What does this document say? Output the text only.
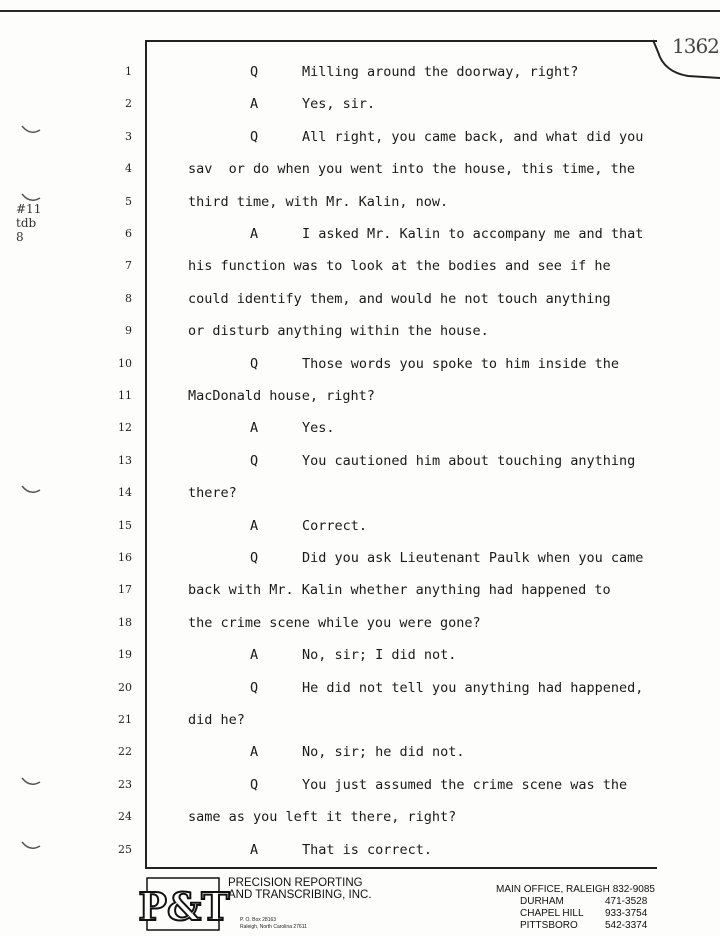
1362
#11
tdb
8
1	Q	Milling around the doorway, right?
2	A	Yes, sir.
3	Q	All right, you came back, and what did you
4	sav  or do when you went into the house, this time, the
5	third time, with Mr. Kalin, now.
6	A	I asked Mr. Kalin to accompany me and that
7	his function was to look at the bodies and see if he
8	could identify them, and would he not touch anything
9	or disturb anything within the house.
10	Q	Those words you spoke to him inside the
11	MacDonald house, right?
12	A	Yes.
13	Q	You cautioned him about touching anything
14	there?
15	A	Correct.
16	Q	Did you ask Lieutenant Paulk when you came
17	back with Mr. Kalin whether anything had happened to
18	the crime scene while you were gone?
19	A	No, sir; I did not.
20	Q	He did not tell you anything had happened,
21	did he?
22	A	No, sir; he did not.
23	Q	You just assumed the crime scene was the
24	same as you left it there, right?
25	A	That is correct.
P&T
PRECISION REPORTING
AND TRANSCRIBING, INC.
P. O. Box 28163
Raleigh, North Carolina 27611
MAIN OFFICE, RALEIGH
832-9085
DURHAM	471-3528
CHAPEL HILL	933-3754
PITTSBORO	542-3374
